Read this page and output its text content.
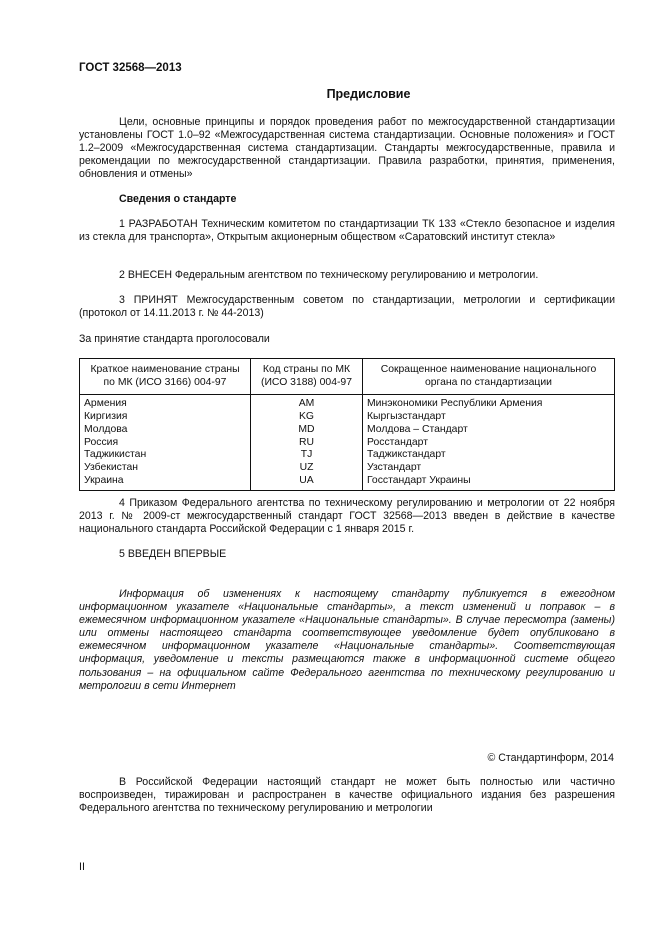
ГОСТ 32568—2013
Предисловие

Цели, основные принципы и порядок проведения работ по межгосударственной стандартизации установлены ГОСТ 1.0–92 «Межгосударственная система стандартизации. Основные положения» и ГОСТ 1.2–2009 «Межгосударственная система стандартизации. Стандарты межгосударственные, правила и рекомендации по межгосударственной стандартизации. Правила разработки, принятия, применения, обновления и отмены»

Сведения о стандарте

1 РАЗРАБОТАН Техническим комитетом по стандартизации ТК 133 «Стекло безопасное и изделия из стекла для транспорта», Открытым акционерным обществом «Саратовский институт стекла»

2 ВНЕСЕН Федеральным агентством по техническому регулированию и метрологии.

3 ПРИНЯТ Межгосударственным советом по стандартизации, метрологии и сертификации (протокол от 14.11.2013 г. № 44-2013)

За принятие стандарта проголосовали
Краткое наименование страны по МК (ИСО 3166) 004-97	Код страны по МК (ИСО 3188) 004-97	Сокращенное наименование национального органа по стандартизации
Армения	AM	Минэкономики Республики Армения
Киргизия	KG	Кыргызстандарт
Молдова	MD	Молдова – Стандарт
Россия	RU	Росстандарт
Таджикистан	TJ	Таджикстандарт
Узбекистан	UZ	Узстандарт
Украина	UA	Госстандарт Украины

4 Приказом Федерального агентства по техническому регулированию и метрологии от 22 ноября 2013 г. № 2009-ст межгосударственный стандарт ГОСТ 32568—2013 введен в действие в качестве национального стандарта Российской Федерации с 1 января 2015 г.

5 ВВЕДЕН ВПЕРВЫЕ

Информация об изменениях к настоящему стандарту публикуется в ежегодном информационном указателе «Национальные стандарты», а текст изменений и поправок – в ежемесячном информационном указателе «Национальные стандарты». В случае пересмотра (замены) или отмены настоящего стандарта соответствующее уведомление будет опубликовано в ежемесячном информационном указателе «Национальные стандарты». Соответствующая информация, уведомление и тексты размещаются также в информационной системе общего пользования – на официальном сайте Федерального агентства по техническому регулированию и метрологии в сети Интернет

© Стандартинформ, 2014

В Российской Федерации настоящий стандарт не может быть полностью или частично воспроизведен, тиражирован и распространен в качестве официального издания без разрешения Федерального агентства по техническому регулированию и метрологии

II
